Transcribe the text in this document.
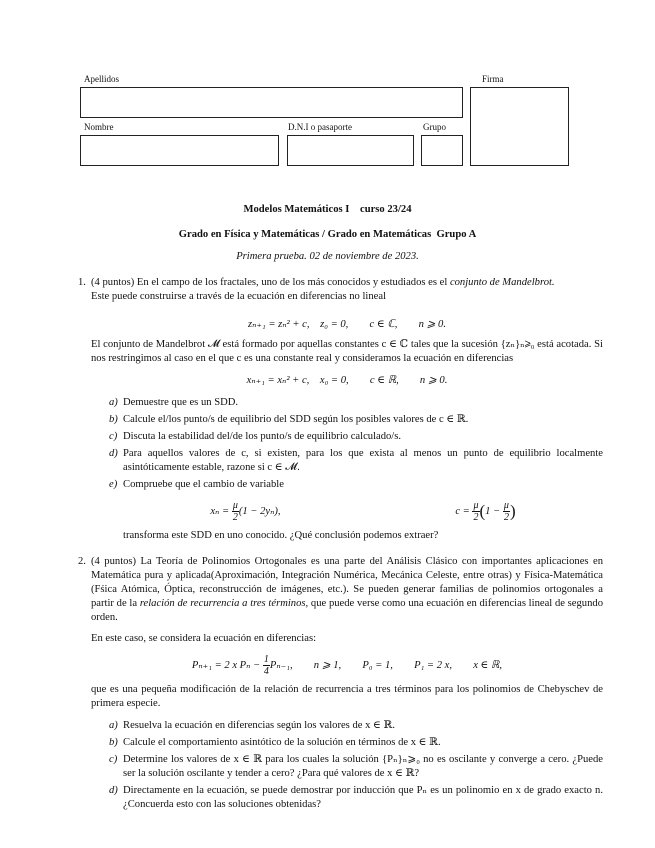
Apellidos	Firma
Nombre	D.N.I o pasaporte	Grupo
Modelos Matemáticos I curso 23/24
Grado en Física y Matemáticas / Grado en Matemáticas  Grupo A
Primera prueba. 02 de noviembre de 2023.
1. (4 puntos) En el campo de los fractales, uno de los más conocidos y estudiados es el conjunto de Mandelbrot.
Este puede construirse a través de la ecuación en diferencias no lineal

zₙ₊₁ = zₙ² + c,    z₀ = 0,        c ∈ ℂ,        n ⩾ 0.

El conjunto de Mandelbrot 𝓜 está formado por aquellas constantes c ∈ ℂ tales que la sucesión {zₙ}ₙ⩾₀ está acotada. Si nos restringimos al caso en el que c es una constante real y consideramos la ecuación en diferencias

xₙ₊₁ = xₙ² + c,    x₀ = 0,        c ∈ ℝ,        n ⩾ 0.
a) Demuestre que es un SDD.
b) Calcule el/los punto/s de equilibrio del SDD según los posibles valores de c ∈ ℝ.
c) Discuta la estabilidad del/de los punto/s de equilibrio calculado/s.
d) Para aquellos valores de c, si existen, para los que exista al menos un punto de equilibrio localmente asintóticamente estable, razone si c ∈ 𝓜.
e) Compruebe que el cambio de variable
$x_n = \frac{\mu}{2} (1 - 2y_n)$,	$c = \frac{\mu}{2} (1 - \frac{\mu}{2}$ )
transforma este SDD en uno conocido. ¿Qué conclusión podemos extraer?
2. (4 puntos) La Teoría de Polinomios Ortogonales es una parte del Análisis Clásico con importantes aplicaciones en Matemática pura y aplicada(Aproximación, Integración Numérica, Mecánica Celeste, entre otras) y Física-Matemática (Fśica Atómica, Óptica, reconstrucción de imágenes, etc.). Se pueden generar familias de polinomios ortogonales a partir de la relación de recurrencia a tres términos, que puede verse como una ecuación en diferencias lineal de segundo orden.

En este caso, se considera la ecuación en diferencias:

Pₙ₊₁ = 2 x $P_n - \frac{1}{4} P_{n-1}$,        n ⩾ 1,        P₀ = 1,        P₁ = 2 x,        x ∈ ℝ,

que es una pequeña modificación de la relación de recurrencia a tres términos para los polinomios de Chebyschev de primera especie.

a) Resuelva la ecuación en diferencias según los valores de x ∈ ℝ.
b) Calcule el comportamiento asintótico de la solución en términos de x ∈ ℝ.
c) Determine los valores de x ∈ ℝ para los cuales la solución {Pₙ}ₙ⩾₀ no es oscilante y converge a cero. ¿Puede ser la solución oscilante y tender a cero? ¿Para qué valores de x ∈ ℝ?
d) Directamente en la ecuación, se puede demostrar por inducción que Pₙ es un polinomio en x de grado exacto n. ¿Concuerda esto con las soluciones obtenidas?
